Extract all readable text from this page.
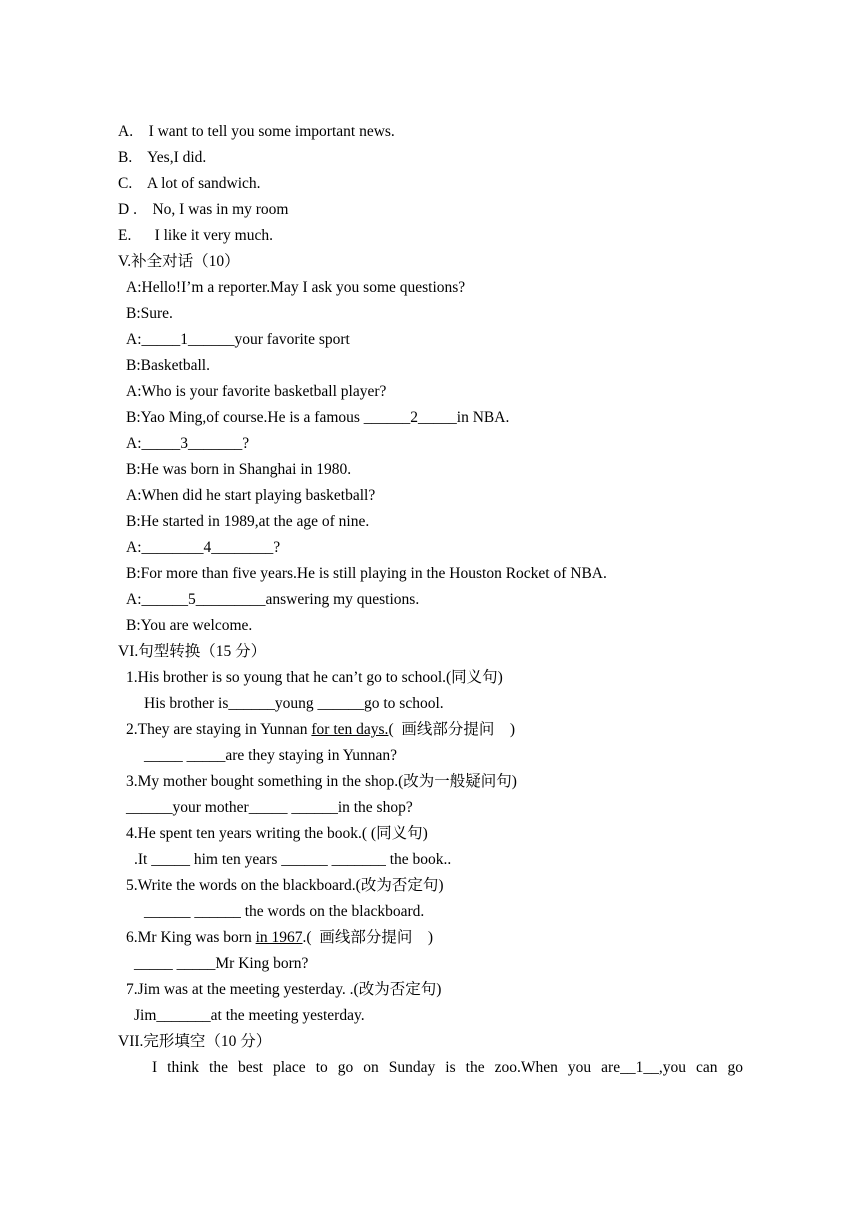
A.    I want to tell you some important news.
B.    Yes,I did.
C.    A lot of sandwich.
D .    No, I was in my room
E.      I like it very much.
V.补全对话（10）
A:Hello!I’m a reporter.May I ask you some questions?
B:Sure.
A:_____1______your favorite sport
B:Basketball.
A:Who is your favorite basketball player?
B:Yao Ming,of course.He is a famous ______2_____in NBA.
A:_____3_______?
B:He was born in Shanghai in 1980.
A:When did he start playing basketball?
B:He started in 1989,at the age of nine.
A:________4________?
B:For more than five years.He is still playing in the Houston Rocket of NBA.
A:______5_________answering my questions.
B:You are welcome.
VI.句型转换（15 分）
1.His brother is so young that he can’t go to school.(同义句)
His brother is______young ______go to school.
2.They are staying in Yunnan for ten days.(  画线部分提问    )
_____ _____are they staying in Yunnan?
3.My mother bought something in the shop.(改为一般疑问句)
______your mother_____ ______in the shop?
4.He spent ten years writing the book.( (同义句)
.It _____ him ten years ______ _______ the book..
5.Write the words on the blackboard.(改为否定句)
______ ______ the words on the blackboard.
6.Mr King was born in 1967.(  画线部分提问    )
_____ _____Mr King born?
7.Jim was at the meeting yesterday. .(改为否定句)
Jim_______at the meeting yesterday.
VII.完形填空（10 分）
I think the best place to go on Sunday is the zoo.When you are__1__,you can go
